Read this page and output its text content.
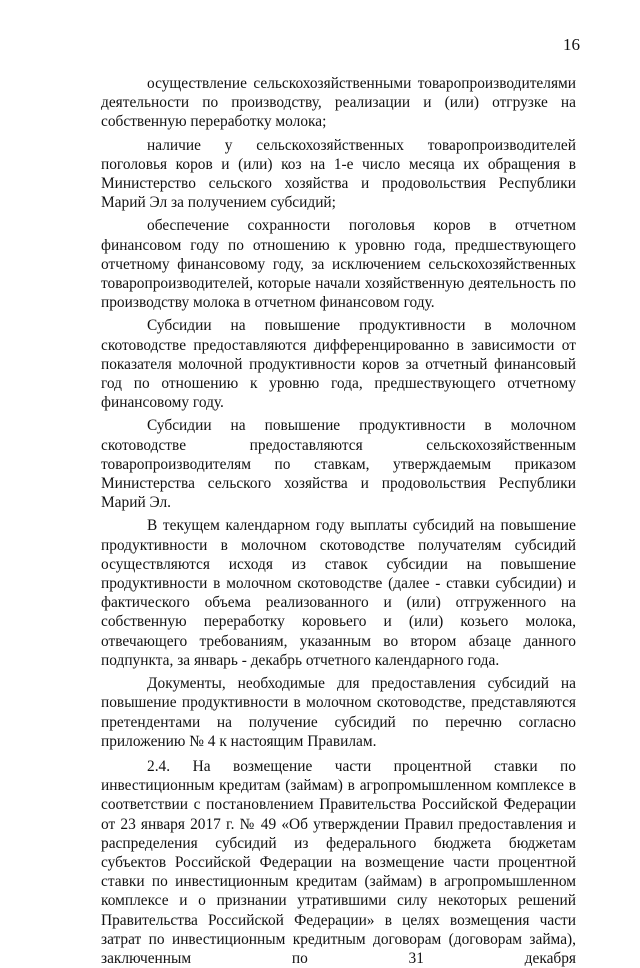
16

осуществление сельскохозяйственными товаропроизводителями деятельности по производству, реализации и (или) отгрузке на собственную переработку молока;

наличие у сельскохозяйственных товаропроизводителей поголовья коров и (или) коз на 1-е число месяца их обращения в Министерство сельского хозяйства и продовольствия Республики Марий Эл за получением субсидий;

обеспечение сохранности поголовья коров в отчетном финансовом году по отношению к уровню года, предшествующего отчетному финансовому году, за исключением сельскохозяйственных товаропроизводителей, которые начали хозяйственную деятельность по производству молока в отчетном финансовом году.

Субсидии на повышение продуктивности в молочном скотоводстве предоставляются дифференцированно в зависимости от показателя молочной продуктивности коров за отчетный финансовый год по отношению к уровню года, предшествующего отчетному финансовому году.

Субсидии на повышение продуктивности в молочном скотоводстве предоставляются сельскохозяйственным товаропроизводителям по ставкам, утверждаемым приказом Министерства сельского хозяйства и продовольствия Республики Марий Эл.

В текущем календарном году выплаты субсидий на повышение продуктивности в молочном скотоводстве получателям субсидий осуществляются исходя из ставок субсидии на повышение продуктивности в молочном скотоводстве (далее - ставки субсидии) и фактического объема реализованного и (или) отгруженного на собственную переработку коровьего и (или) козьего молока, отвечающего требованиям, указанным во втором абзаце данного подпункта, за январь - декабрь отчетного календарного года.

Документы, необходимые для предоставления субсидий на повышение продуктивности в молочном скотоводстве, представляются претендентами на получение субсидий по перечню согласно приложению № 4 к настоящим Правилам.

2.4. На возмещение части процентной ставки по инвестиционным кредитам (займам) в агропромышленном комплексе в соответствии с постановлением Правительства Российской Федерации от 23 января 2017 г. № 49 «Об утверждении Правил предоставления и распределения субсидий из федерального бюджета бюджетам субъектов Российской Федерации на возмещение части процентной ставки по инвестиционным кредитам (займам) в агропромышленном комплексе и о признании утратившими силу некоторых решений Правительства Российской Федерации» в целях возмещения части затрат по инвестиционным кредитным договорам (договорам займа), заключенным по 31 декабря
